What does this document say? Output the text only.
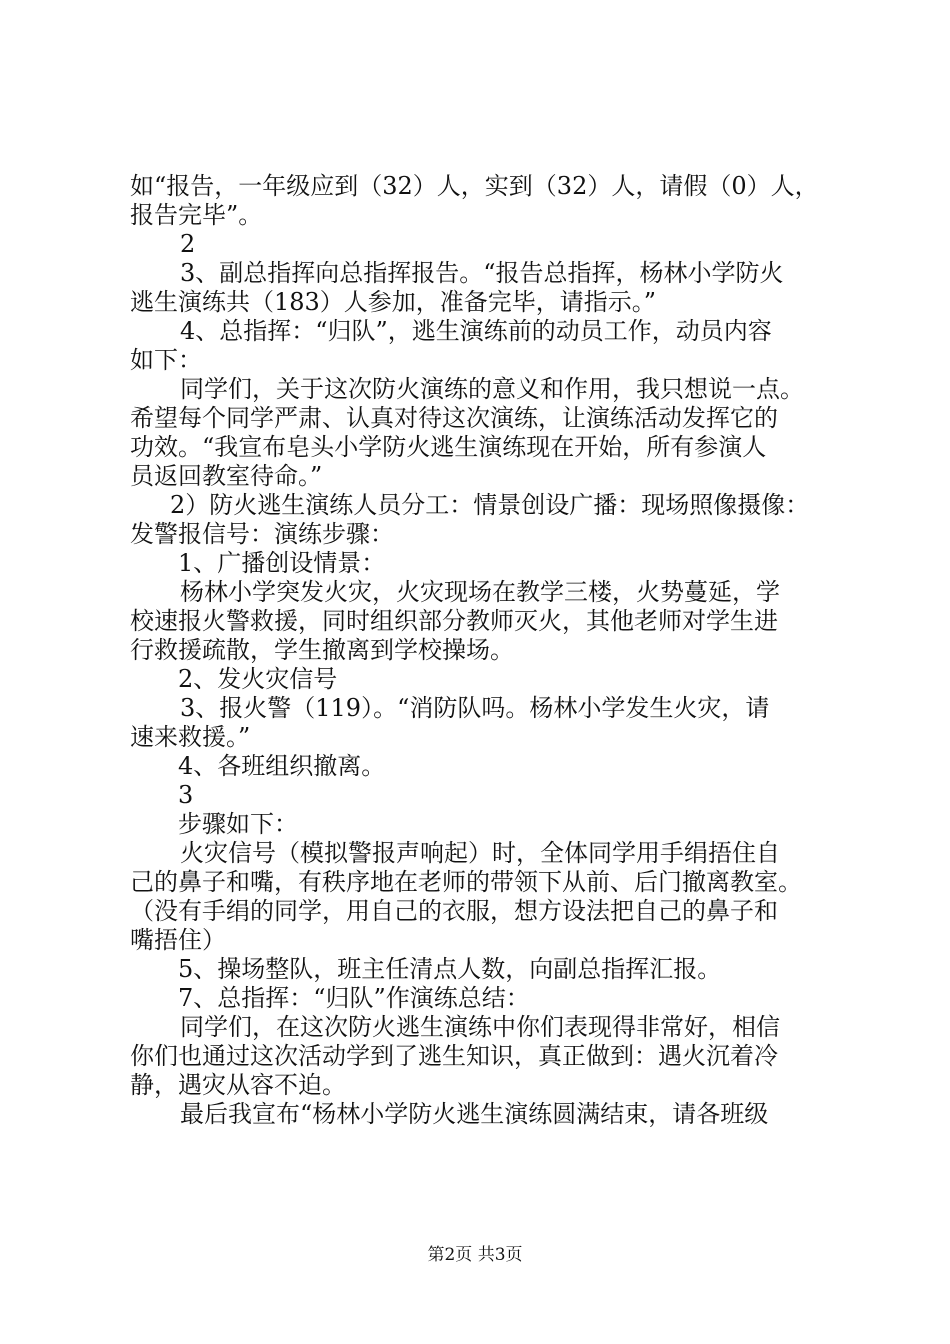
如“报告，一年级应到（32）人，实到（32）人，请假（0）人，
报告完毕”。
2
3、副总指挥向总指挥报告。“报告总指挥，杨林小学防火
逃生演练共（183）人参加，准备完毕，请指示。”
4、总指挥：“归队”，逃生演练前的动员工作，动员内容
如下：
同学们，关于这次防火演练的意义和作用，我只想说一点。
希望每个同学严肃、认真对待这次演练，让演练活动发挥它的
功效。“我宣布皂头小学防火逃生演练现在开始，所有参演人
员返回教室待命。”
2）防火逃生演练人员分工：情景创设广播：现场照像摄像：
发警报信号：演练步骤：
1、广播创设情景：
杨林小学突发火灾，火灾现场在教学三楼，火势蔓延，学
校速报火警救援，同时组织部分教师灭火，其他老师对学生进
行救援疏散，学生撤离到学校操场。
2、发火灾信号
3、报火警（119）。“消防队吗。杨林小学发生火灾，请
速来救援。”
4、各班组织撤离。
3
步骤如下：
火灾信号（模拟警报声响起）时，全体同学用手绢捂住自
己的鼻子和嘴，有秩序地在老师的带领下从前、后门撤离教室。
（没有手绢的同学，用自己的衣服，想方设法把自己的鼻子和
嘴捂住）
5、操场整队，班主任清点人数，向副总指挥汇报。
7、总指挥：“归队”作演练总结：
同学们，在这次防火逃生演练中你们表现得非常好，相信
你们也通过这次活动学到了逃生知识，真正做到：遇火沉着冷
静，遇灾从容不迫。
最后我宣布“杨林小学防火逃生演练圆满结束，请各班级
第2页 共3页
